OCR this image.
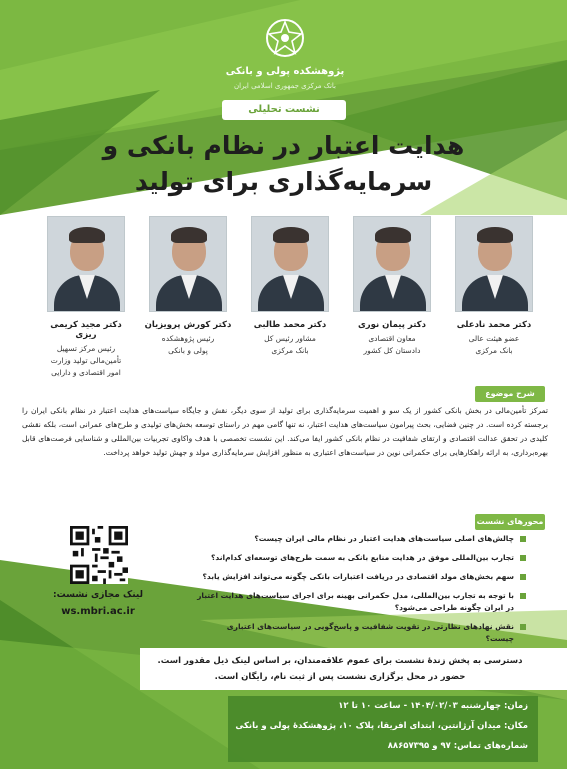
پژوهشکده پولی و بانکی
بانک مرکزی جمهوری اسلامی ایران
نشست تحلیلی
هدایت اعتبار در نظام بانکی و
سرمایه‌گذاری برای تولید
دکتر محمد نادعلی
عضو هیئت عالی
بانک مرکزی
دکتر پیمان نوری
معاون اقتصادی
دادستان کل کشور
دکتر محمد طالبی
مشاور رئیس کل
بانک مرکزی
دکتر کورش پرویزیان
رئیس پژوهشکده
پولی و بانکی
دکتر مجید کریمی ریزی
رئیس مرکز تسهیل
تأمین‌مالی تولید وزارت
امور اقتصادی و دارایی
شرح موضوع
تمرکز تأمین‌مالی در بخش بانکی کشور از یک سو و اهمیت سرمایه‌گذاری برای تولید از سوی دیگر، نقش و جایگاه سیاست‌های هدایت اعتبار در نظام بانکی ایران را برجسته کرده است. در چنین فضایی، بحث پیرامون سیاست‌های هدایت اعتبار، نه تنها گامی مهم در راستای توسعه بخش‌های تولیدی و طرح‌های عمرانی است، بلکه نقشی کلیدی در تحقق عدالت اقتصادی و ارتقای شفافیت در نظام بانکی کشور ایفا می‌کند. این نشست تخصصی با هدف واکاوی تجربیات بین‌المللی و شناسایی فرصت‌های قابل بهره‌برداری، به ارائه راهکارهایی برای حکمرانی نوین در سیاست‌های اعتباری به منظور افزایش سرمایه‌گذاری مولد و جهش تولید خواهد پرداخت.
محورهای نشست
چالش‌های اصلی سیاست‌های هدایت اعتبار در نظام مالی ایران چیست؟
تجارب بین‌المللی موفق در هدایت منابع بانکی به سمت طرح‌های توسعه‌ای کدام‌اند؟
سهم بخش‌های مولد اقتصادی در دریافت اعتبارات بانکی چگونه می‌تواند افزایش یابد؟
با توجه به تجارب بین‌المللی، مدل حکمرانی بهینه برای اجرای سیاست‌های هدایت اعتبار در ایران چگونه طراحی می‌شود؟
نقش نهادهای نظارتی در تقویت شفافیت و پاسخ‌گویی در سیاست‌های اعتباری چیست؟
لینک مجازی نشست:
ws.mbri.ac.ir
دسترسی به پخش زندهٔ نشست برای عموم علاقه‌مندان، بر اساس لینک ذیل مقدور است.
حضور در محل برگزاری نشست پس از ثبت نام، رایگان است.
زمان: چهارشنبه ۱۴۰۴/۰۲/۰۳ - ساعت ۱۰ تا ۱۲
مکان: میدان آرژانتین، ابتدای افریقا، پلاک ۱۰، پژوهشکدهٔ پولی و بانکی
شماره‌های تماس: ۹۷ و ۸۸۶۵۷۳۹۵
